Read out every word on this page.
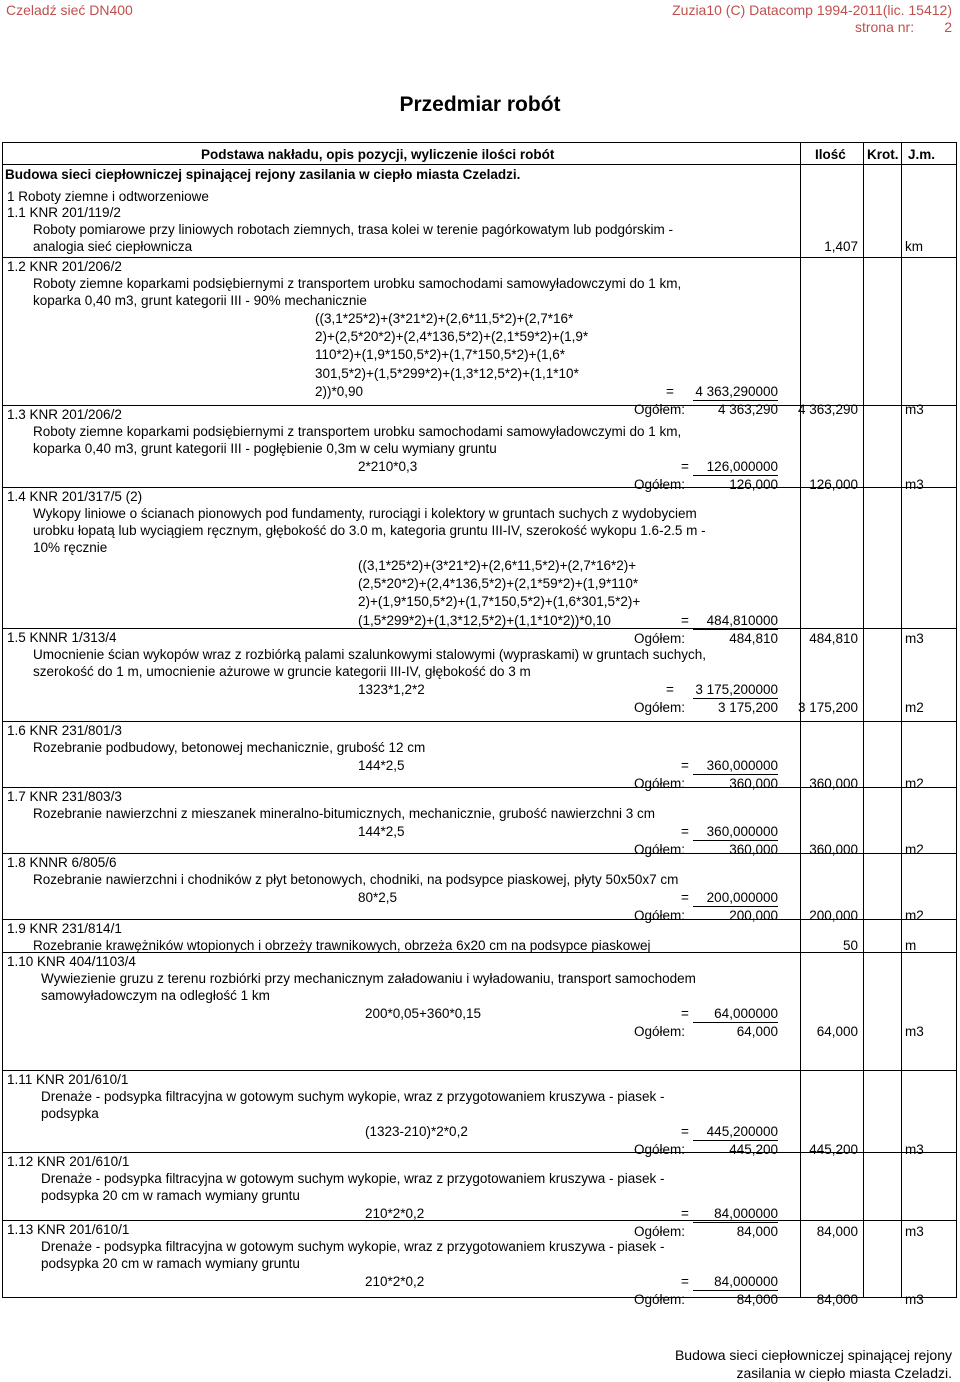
Czeladź sieć DN400	Zuzia10 (C) Datacomp 1994-2011(lic. 15412)
strona nr: 2
Przedmiar robót
Podstawa nakładu, opis pozycji, wyliczenie ilości robót	Ilość Krot. J.m.
Budowa sieci ciepłowniczej spinającej rejony zasilania w ciepło miasta Czeladzi.
1 Roboty ziemne i odtworzeniowe
1.1 KNR 201/119/2
Roboty pomiarowe przy liniowych robotach ziemnych, trasa kolei w terenie pagórkowatym lub podgórskim -
analogia sieć ciepłownicza	1,407	km
1.2 KNR 201/206/2
Roboty ziemne koparkami podsiębiernymi z transportem urobku samochodami samowyładowczymi do 1 km,
koparka 0,40 m3, grunt kategorii III - 90% mechanicznie
((3,1*25*2)+(3*21*2)+(2,6*11,5*2)+(2,7*16*
2)+(2,5*20*2)+(2,4*136,5*2)+(2,1*59*2)+(1,9*
110*2)+(1,9*150,5*2)+(1,7*150,5*2)+(1,6*
301,5*2)+(1,5*299*2)+(1,3*12,5*2)+(1,1*10*
2))*0,90	= 4 363,290000
Ogółem:	4 363,290	4 363,290	m3
1.3 KNR 201/206/2
Roboty ziemne koparkami podsiębiernymi z transportem urobku samochodami samowyładowczymi do 1 km,
koparka 0,40 m3, grunt kategorii III - pogłębienie 0,3m w celu wymiany gruntu
2*210*0,3	=	126,000000
Ogółem:	126,000	126,000	m3
1.4 KNR 201/317/5 (2)
Wykopy liniowe o ścianach pionowych pod fundamenty, rurociągi i kolektory w gruntach suchych z wydobyciem
urobku łopatą lub wyciągiem ręcznym, głębokość do 3.0 m, kategoria gruntu III-IV, szerokość wykopu 1.6-2.5 m -
10% ręcznie
((3,1*25*2)+(3*21*2)+(2,6*11,5*2)+(2,7*16*2)+
(2,5*20*2)+(2,4*136,5*2)+(2,1*59*2)+(1,9*110*
2)+(1,9*150,5*2)+(1,7*150,5*2)+(1,6*301,5*2)+
(1,5*299*2)+(1,3*12,5*2)+(1,1*10*2))*0,10	=	484,810000
Ogółem:	484,810	484,810	m3
1.5 KNNR 1/313/4
Umocnienie ścian wykopów wraz z rozbiórką palami szalunkowymi stalowymi (wypraskami) w gruntach suchych,
szerokość do 1 m, umocnienie ażurowe w gruncie kategorii III-IV, głębokość do 3 m
1323*1,2*2	= 3 175,200000
Ogółem:	3 175,200	3 175,200	m2
1.6 KNR 231/801/3
Rozebranie podbudowy, betonowej mechanicznie, grubość 12 cm
144*2,5	=	360,000000
Ogółem:	360,000	360,000	m2
1.7 KNR 231/803/3
Rozebranie nawierzchni z mieszanek mineralno-bitumicznych, mechanicznie, grubość nawierzchni 3 cm
144*2,5	=	360,000000
Ogółem:	360,000	360,000	m2
1.8 KNNR 6/805/6
Rozebranie nawierzchni i chodników z płyt betonowych, chodniki, na podsypce piaskowej, płyty 50x50x7 cm
80*2,5	=	200,000000
Ogółem:	200,000	200,000	m2
1.9 KNR 231/814/1
Rozebranie krawężników wtopionych i obrzeży trawnikowych, obrzeża 6x20 cm na podsypce piaskowej	50	m
1.10 KNR 404/1103/4
Wywiezienie gruzu z terenu rozbiórki przy mechanicznym załadowaniu i wyładowaniu, transport samochodem
samowyładowczym na odległość 1 km
200*0,05+360*0,15	=	64,000000
Ogółem:	64,000	64,000	m3
1.11 KNR 201/610/1
Drenaże - podsypka filtracyjna w gotowym suchym wykopie, wraz z przygotowaniem kruszywa - piasek -
podsypka
(1323-210)*2*0,2	=	445,200000
Ogółem:	445,200	445,200	m3
1.12 KNR 201/610/1
Drenaże - podsypka filtracyjna w gotowym suchym wykopie, wraz z przygotowaniem kruszywa - piasek -
podsypka 20 cm w ramach wymiany gruntu
210*2*0,2	=	84,000000
Ogółem:	84,000	84,000	m3
1.13 KNR 201/610/1
Drenaże - podsypka filtracyjna w gotowym suchym wykopie, wraz z przygotowaniem kruszywa - piasek -
podsypka 20 cm w ramach wymiany gruntu
210*2*0,2	=	84,000000
Ogółem:	84,000	84,000	m3
Budowa sieci ciepłowniczej spinającej rejony
zasilania w ciepło miasta Czeladzi.
